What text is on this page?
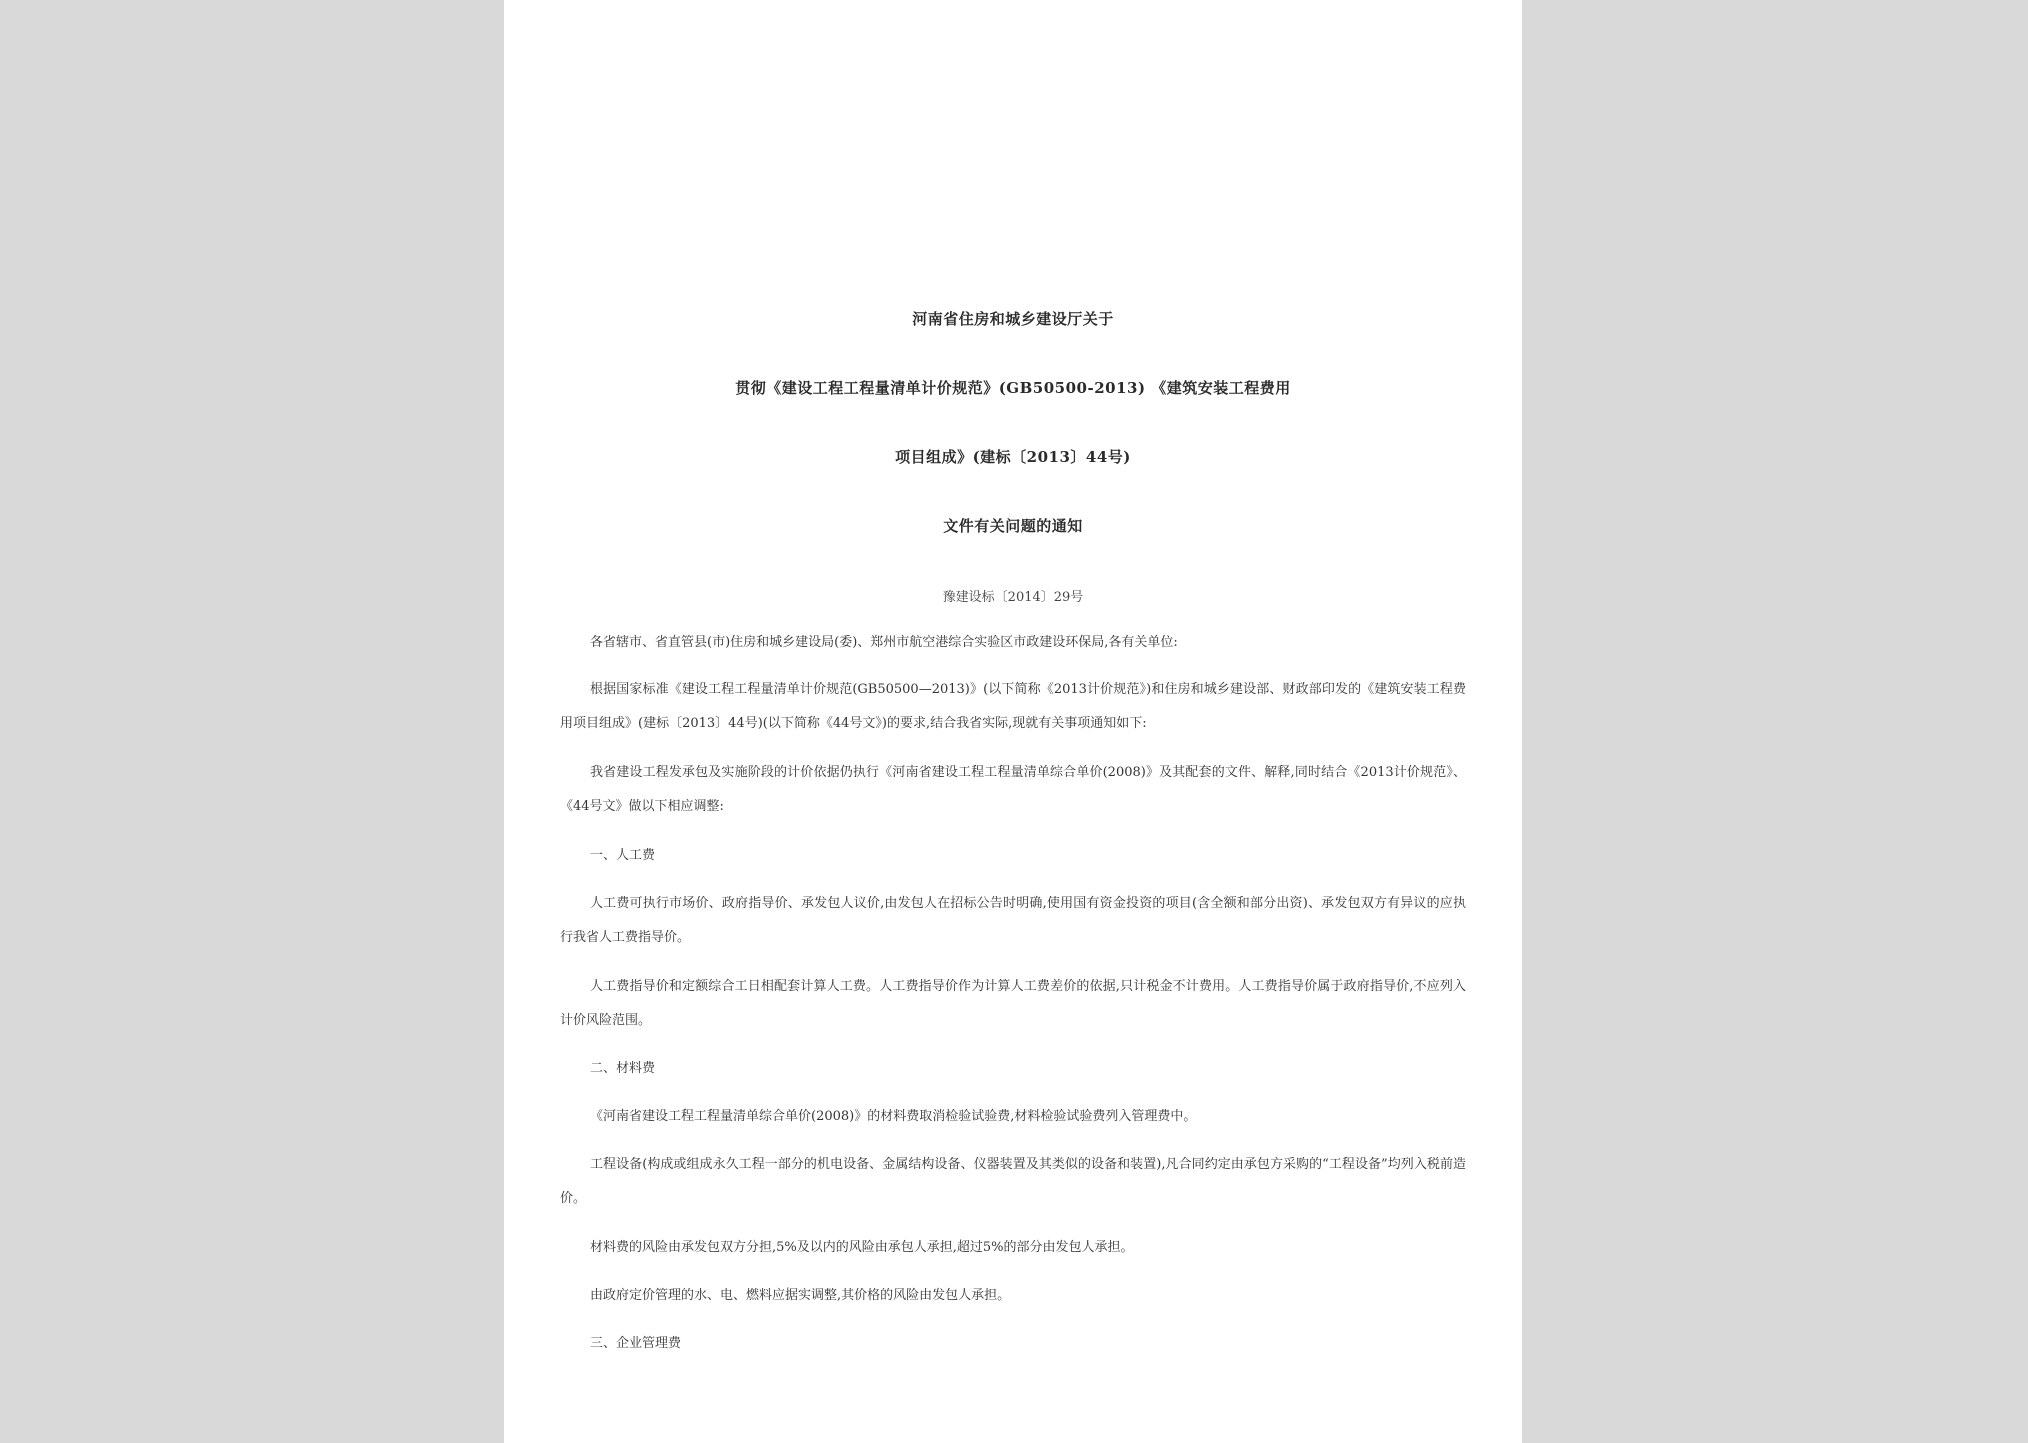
河南省住房和城乡建设厅关于
贯彻《建设工程工程量清单计价规范》(GB50500-2013) 《建筑安装工程费用
项目组成》(建标〔2013〕44号)
文件有关问题的通知
豫建设标〔2014〕29号
各省辖市、省直管县(市)住房和城乡建设局(委)、郑州市航空港综合实验区市政建设环保局,各有关单位:
根据国家标准《建设工程工程量清单计价规范(GB50500—2013)》(以下简称《2013计价规范》)和住房和城乡建设部、财政部印发的《建筑安装工程费用项目组成》(建标〔2013〕44号)(以下简称《44号文》)的要求,结合我省实际,现就有关事项通知如下:
我省建设工程发承包及实施阶段的计价依据仍执行《河南省建设工程工程量清单综合单价(2008)》及其配套的文件、解释,同时结合《2013计价规范》、《44号文》做以下相应调整:
一、人工费
人工费可执行市场价、政府指导价、承发包人议价,由发包人在招标公告时明确,使用国有资金投资的项目(含全额和部分出资)、承发包双方有异议的应执行我省人工费指导价。
人工费指导价和定额综合工日相配套计算人工费。人工费指导价作为计算人工费差价的依据,只计税金不计费用。人工费指导价属于政府指导价,不应列入计价风险范围。
二、材料费
《河南省建设工程工程量清单综合单价(2008)》的材料费取消检验试验费,材料检验试验费列入管理费中。
工程设备(构成或组成永久工程一部分的机电设备、金属结构设备、仪器装置及其类似的设备和装置),凡合同约定由承包方采购的“工程设备”均列入税前造价。
材料费的风险由承发包双方分担,5%及以内的风险由承包人承担,超过5%的部分由发包人承担。
由政府定价管理的水、电、燃料应据实调整,其价格的风险由发包人承担。
三、企业管理费
